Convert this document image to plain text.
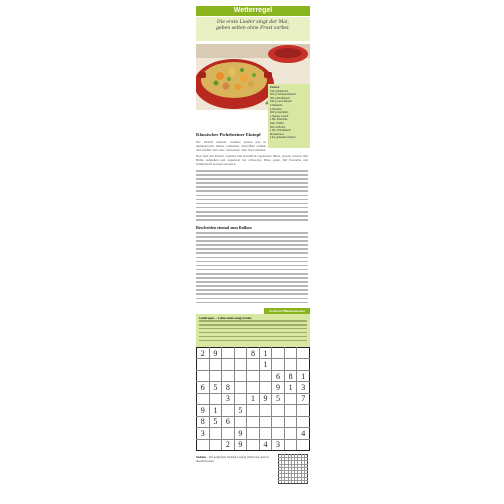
Wetterregel
Die erste Lieder singt der Mai,
geben selten ohne Frost vorbei.
Zutaten
150 g Buttersch.
300 g Schweinefleisch
300 g Rindfleisch
150 g Lammfleisch
2 Zwiebeln
2 Karotten
300 g Kartoffeln
1 Stange Lauch
1 Bd. Petersilie
Salz, Pfeffer
500 ml Brühe
1 Bd. Schnittlauch
Muskatnuss
1 EL gehackte Kräuter
Klassischer Pichelsteiner Eintopf
Die Fleisch würfeln, Gemüse putzen und in mundgerechte Stücke schneiden. Kartoffeln schälen und würfeln und alles vorbereiten. Den Topf erhitzen,
Den Topf mit Fleisch, Gemüse und Kartoffeln lagenweise füllen, jeweils würzen. Mit Brühe aufgießen und zugedeckt bei schwacher Hitze garen. Mit Petersilie und Schnittlauch bestreut servieren.
Bescheiden einmal zum Balkon
Zu Ihrem Pflanzenwissen
Goldregen – Laburnum anagyroides
2	9			8	1			
					1			
						6	8	1
6	5	8				9	1	3
		3		1	9	5		7
9	1		5					
8	5	6						
3			9					4
		2	9		4	3		
Sudoku – Die aufgelöste Sudoku-Lösung finden Sie oben in diesem Kasten.
